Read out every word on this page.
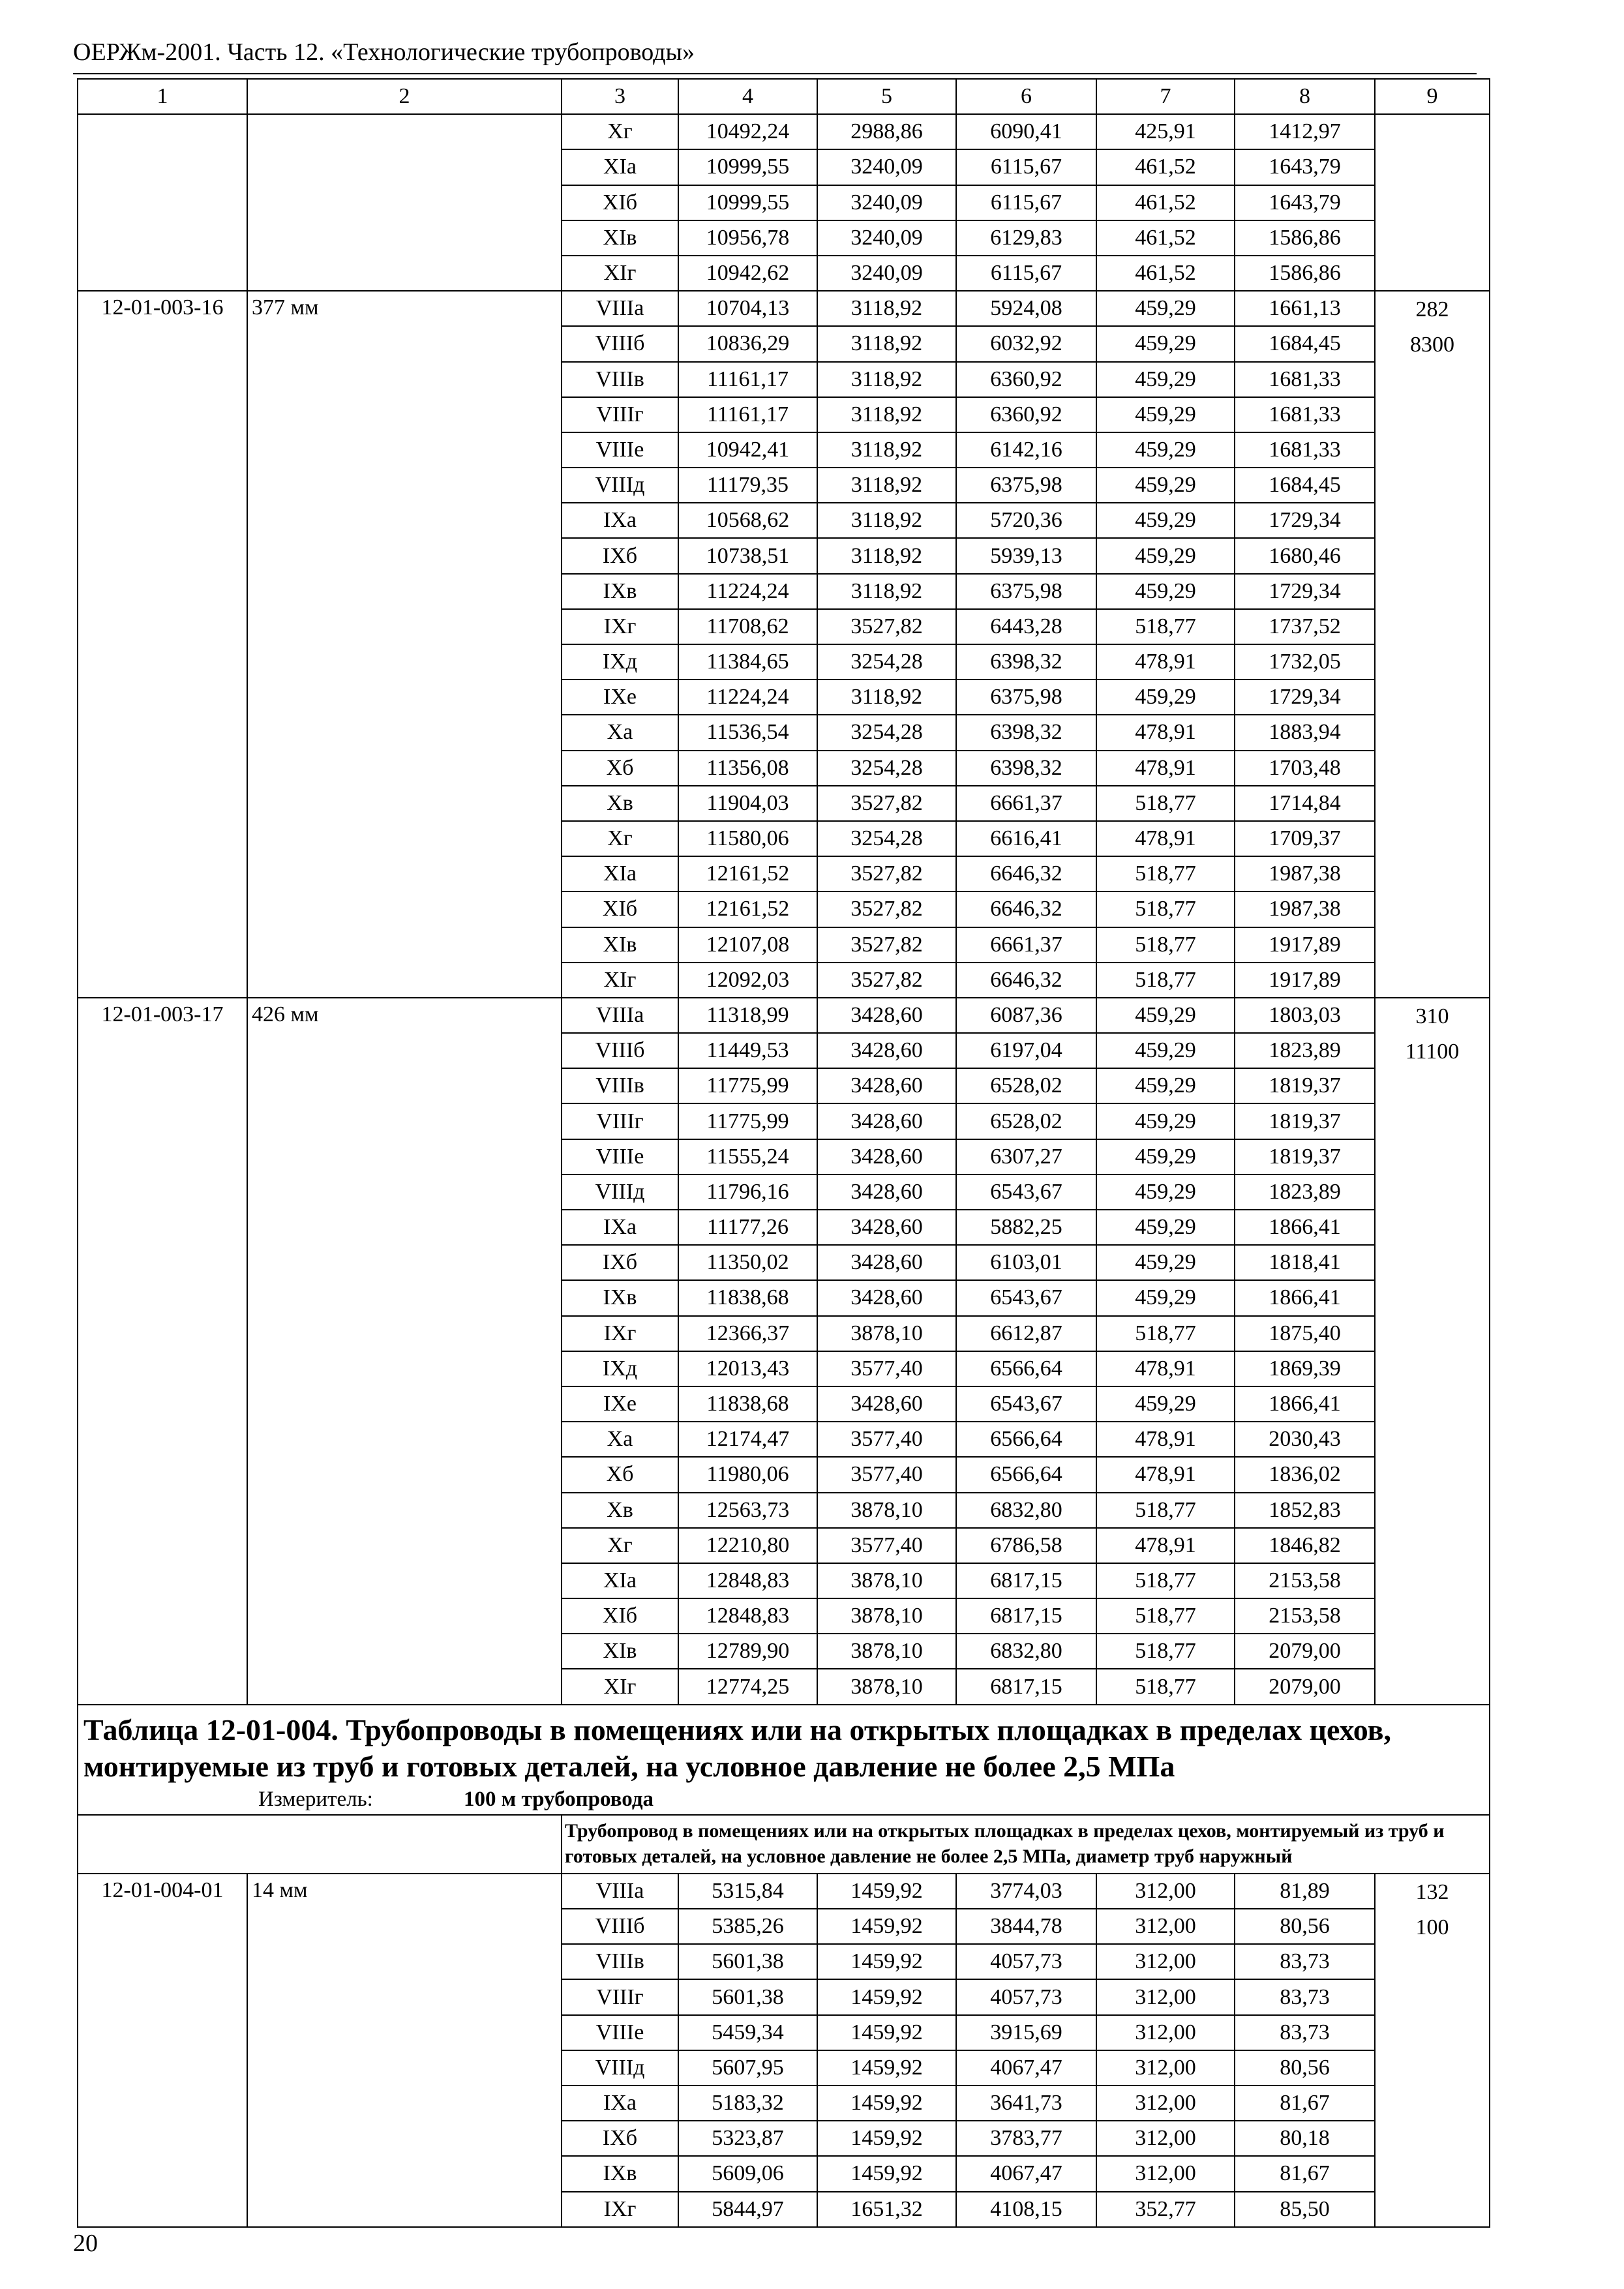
ОЕРЖм-2001. Часть 12. «Технологические трубопроводы»
1	2	3	4	5	6	7	8	9
		Xг	10492,24	2988,86	6090,41	425,91	1412,97	
		XIа	10999,55	3240,09	6115,67	461,52	1643,79	
		XIб	10999,55	3240,09	6115,67	461,52	1643,79	
		XIв	10956,78	3240,09	6129,83	461,52	1586,86	
		XIг	10942,62	3240,09	6115,67	461,52	1586,86	
12-01-003-16	377 мм	VIIIа	10704,13	3118,92	5924,08	459,29	1661,13	282
8300

		VIIIб	10836,29	3118,92	6032,92	459,29	1684,45	
		VIIIв	11161,17	3118,92	6360,92	459,29	1681,33	
		VIIIг	11161,17	3118,92	6360,92	459,29	1681,33	
		VIIIе	10942,41	3118,92	6142,16	459,29	1681,33	
		VIIIд	11179,35	3118,92	6375,98	459,29	1684,45	
		IXа	10568,62	3118,92	5720,36	459,29	1729,34	
		IXб	10738,51	3118,92	5939,13	459,29	1680,46	
		IXв	11224,24	3118,92	6375,98	459,29	1729,34	
		IXг	11708,62	3527,82	6443,28	518,77	1737,52	
		IXд	11384,65	3254,28	6398,32	478,91	1732,05	
		IXе	11224,24	3118,92	6375,98	459,29	1729,34	
		Xа	11536,54	3254,28	6398,32	478,91	1883,94	
		Xб	11356,08	3254,28	6398,32	478,91	1703,48	
		Xв	11904,03	3527,82	6661,37	518,77	1714,84	
		Xг	11580,06	3254,28	6616,41	478,91	1709,37	
		XIа	12161,52	3527,82	6646,32	518,77	1987,38	
		XIб	12161,52	3527,82	6646,32	518,77	1987,38	
		XIв	12107,08	3527,82	6661,37	518,77	1917,89	
		XIг	12092,03	3527,82	6646,32	518,77	1917,89	
12-01-003-17	426 мм	VIIIа	11318,99	3428,60	6087,36	459,29	1803,03	310
11100

		VIIIб	11449,53	3428,60	6197,04	459,29	1823,89	
		VIIIв	11775,99	3428,60	6528,02	459,29	1819,37	
		VIIIг	11775,99	3428,60	6528,02	459,29	1819,37	
		VIIIе	11555,24	3428,60	6307,27	459,29	1819,37	
		VIIIд	11796,16	3428,60	6543,67	459,29	1823,89	
		IXа	11177,26	3428,60	5882,25	459,29	1866,41	
		IXб	11350,02	3428,60	6103,01	459,29	1818,41	
		IXв	11838,68	3428,60	6543,67	459,29	1866,41	
		IXг	12366,37	3878,10	6612,87	518,77	1875,40	
		IXд	12013,43	3577,40	6566,64	478,91	1869,39	
		IXе	11838,68	3428,60	6543,67	459,29	1866,41	
		Xа	12174,47	3577,40	6566,64	478,91	2030,43	
		Xб	11980,06	3577,40	6566,64	478,91	1836,02	
		Xв	12563,73	3878,10	6832,80	518,77	1852,83	
		Xг	12210,80	3577,40	6786,58	478,91	1846,82	
		XIа	12848,83	3878,10	6817,15	518,77	2153,58	
		XIб	12848,83	3878,10	6817,15	518,77	2153,58	
		XIв	12789,90	3878,10	6832,80	518,77	2079,00	
		XIг	12774,25	3878,10	6817,15	518,77	2079,00	

Таблица 12-01-004. Трубопроводы в помещениях или на открытых площадках в пределах цехов, монтируемые из труб и готовых деталей, на условное давление не более 2,5 МПа
Измеритель: 100 м трубопровода								

		Трубопровод в помещениях или на открытых площадках в пределах цехов, монтируемый из труб и готовых деталей, на условное давление не более 2,5 МПа, диаметр труб наружный						
12-01-004-01	14 мм	VIIIа	5315,84	1459,92	3774,03	312,00	81,89	132
100

		VIIIб	5385,26	1459,92	3844,78	312,00	80,56	
		VIIIв	5601,38	1459,92	4057,73	312,00	83,73	
		VIIIг	5601,38	1459,92	4057,73	312,00	83,73	
		VIIIе	5459,34	1459,92	3915,69	312,00	83,73	
		VIIIд	5607,95	1459,92	4067,47	312,00	80,56	
		IXа	5183,32	1459,92	3641,73	312,00	81,67	
		IXб	5323,87	1459,92	3783,77	312,00	80,18	
		IXв	5609,06	1459,92	4067,47	312,00	81,67	
		IXг	5844,97	1651,32	4108,15	352,77	85,50	
20
